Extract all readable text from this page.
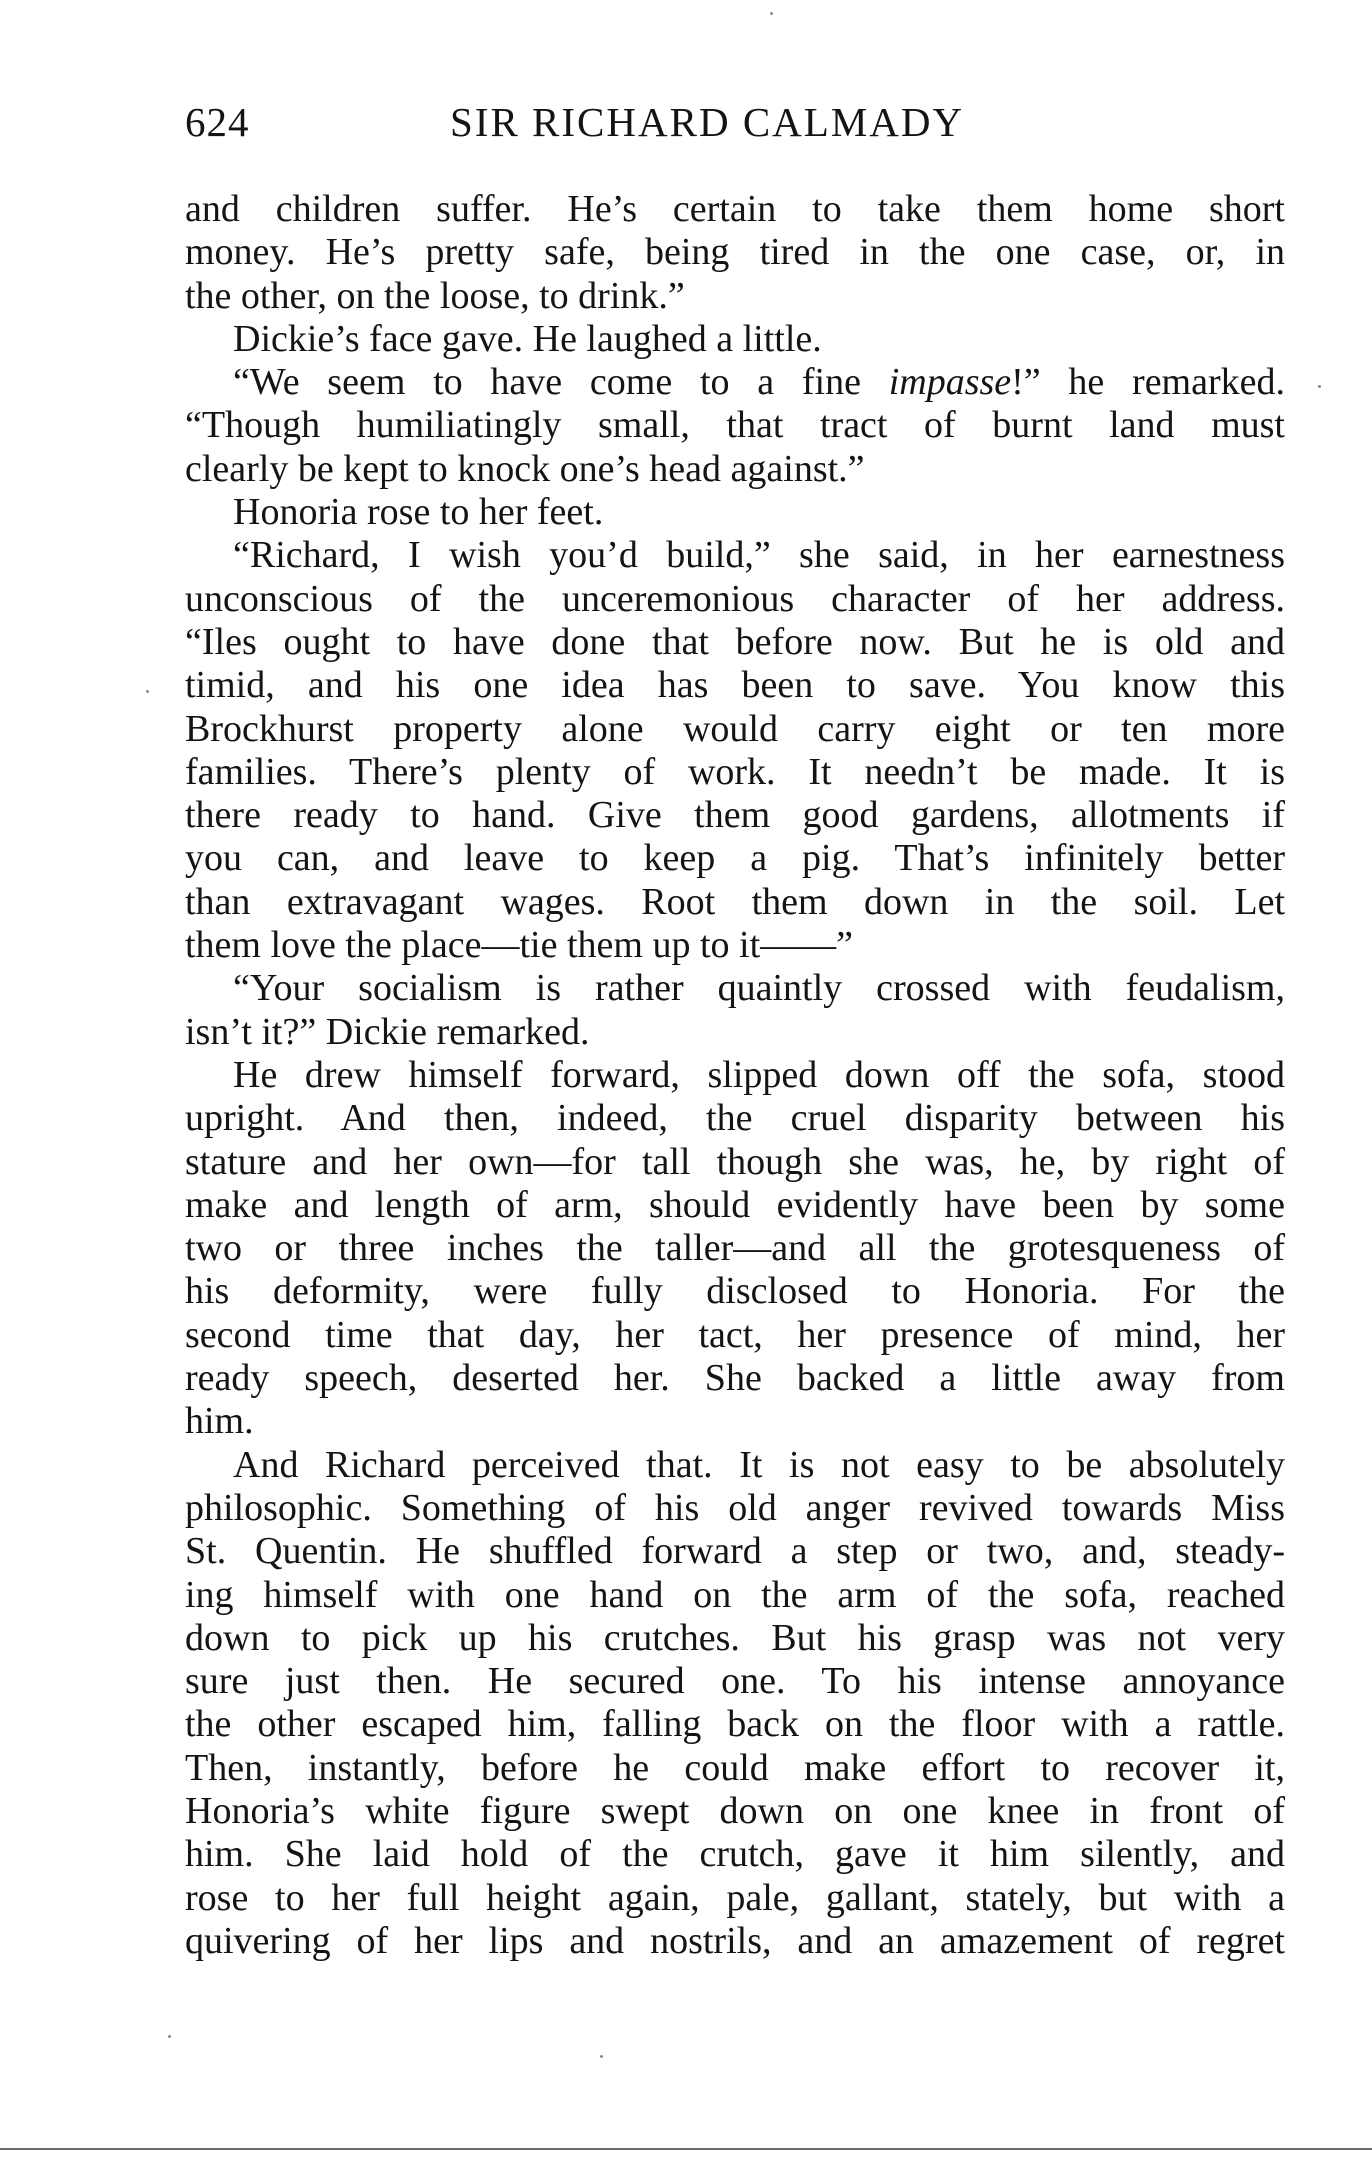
624	SIR RICHARD CALMADY
and children suffer. He’s certain to take them home short
money. He’s pretty safe, being tired in the one case, or, in
the other, on the loose, to drink.”
Dickie’s face gave. He laughed a little.
“We seem to have come to a fine impasse!” he remarked.
“Though humiliatingly small, that tract of burnt land must
clearly be kept to knock one’s head against.”
Honoria rose to her feet.
“Richard, I wish you’d build,” she said, in her earnestness
unconscious of the unceremonious character of her address.
“Iles ought to have done that before now. But he is old and
timid, and his one idea has been to save. You know this
Brockhurst property alone would carry eight or ten more
families. There’s plenty of work. It needn’t be made. It is
there ready to hand. Give them good gardens, allotments if
you can, and leave to keep a pig. That’s infinitely better
than extravagant wages. Root them down in the soil. Let
them love the place—tie them up to it——”
“Your socialism is rather quaintly crossed with feudalism,
isn’t it?” Dickie remarked.
He drew himself forward, slipped down off the sofa, stood
upright. And then, indeed, the cruel disparity between his
stature and her own—for tall though she was, he, by right of
make and length of arm, should evidently have been by some
two or three inches the taller—and all the grotesqueness of
his deformity, were fully disclosed to Honoria. For the
second time that day, her tact, her presence of mind, her
ready speech, deserted her. She backed a little away from
him.
And Richard perceived that. It is not easy to be absolutely
philosophic. Something of his old anger revived towards Miss
St. Quentin. He shuffled forward a step or two, and, steady-
ing himself with one hand on the arm of the sofa, reached
down to pick up his crutches. But his grasp was not very
sure just then. He secured one. To his intense annoyance
the other escaped him, falling back on the floor with a rattle.
Then, instantly, before he could make effort to recover it,
Honoria’s white figure swept down on one knee in front of
him. She laid hold of the crutch, gave it him silently, and
rose to her full height again, pale, gallant, stately, but with a
quivering of her lips and nostrils, and an amazement of regret
